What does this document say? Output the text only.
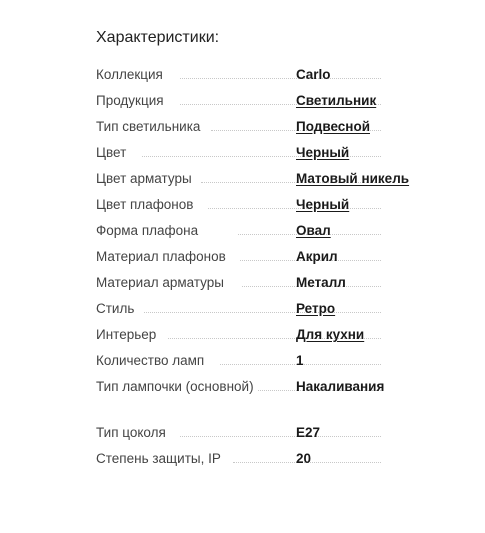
Характеристики:
Коллекция	Carlo
Продукция	Светильник
Тип светильника	Подвесной
Цвет	Черный
Цвет арматуры	Матовый никель
Цвет плафонов	Черный
Форма плафона	Овал
Материал плафонов	Акрил
Материал арматуры	Металл
Стиль	Ретро
Интерьер	Для кухни
Количество ламп	1
Тип лампочки (основной)	Накаливания
Тип цоколя	E27
Степень защиты, IP	20
